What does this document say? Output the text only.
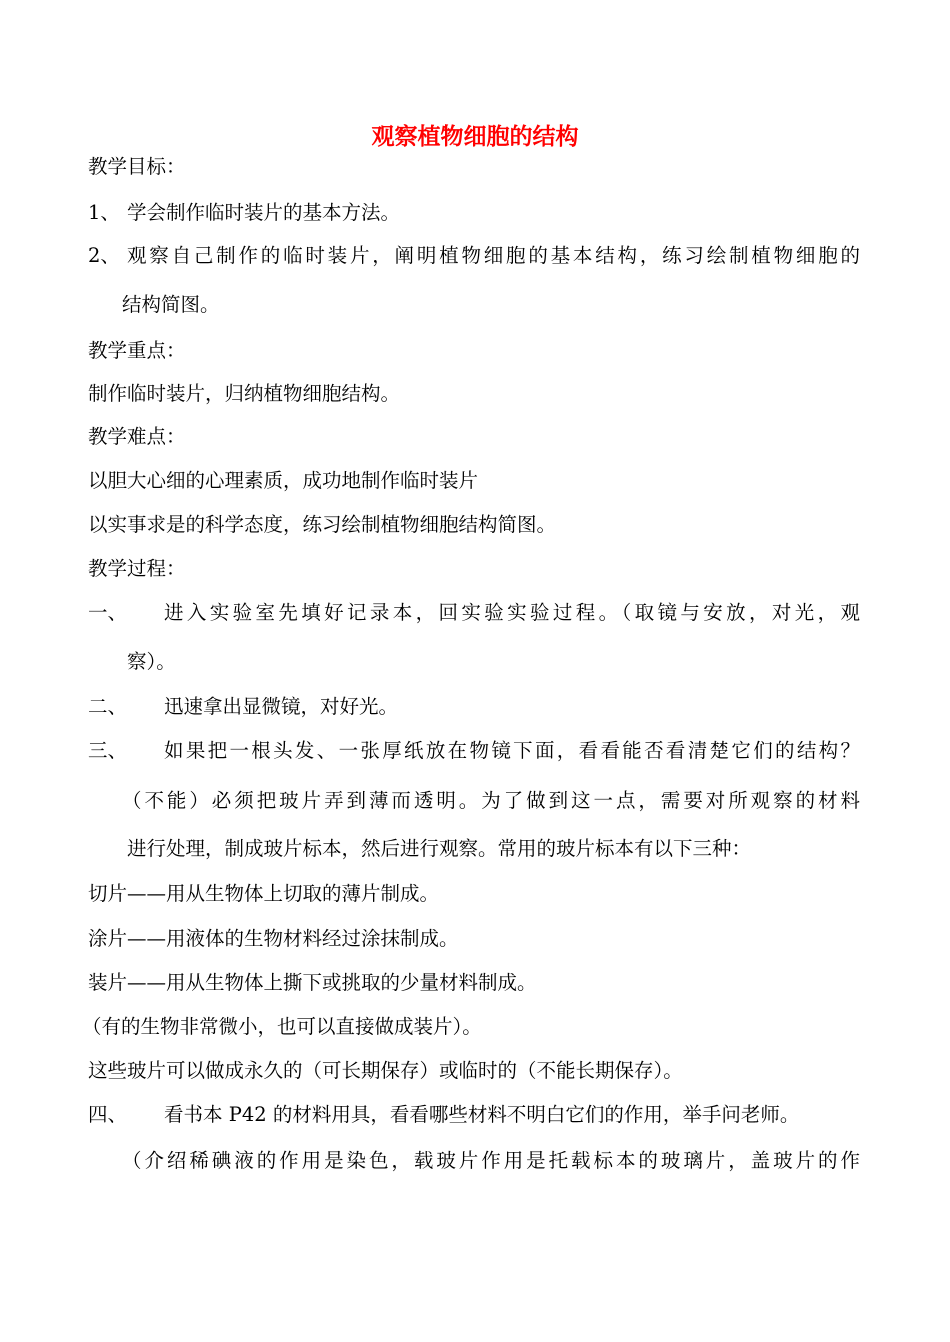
观察植物细胞的结构
教学目标：
1、 学会制作临时装片的基本方法。
2、 观察自己制作的临时装片，阐明植物细胞的基本结构，练习绘制植物细胞的
结构简图。
教学重点：
制作临时装片，归纳植物细胞结构。
教学难点：
以胆大心细的心理素质，成功地制作临时装片
以实事求是的科学态度，练习绘制植物细胞结构简图。
教学过程：
一、 进入实验室先填好记录本，回实验实验过程。（取镜与安放，对光，观
察）。
二、 迅速拿出显微镜，对好光。
三、 如果把一根头发、一张厚纸放在物镜下面，看看能否看清楚它们的结构？
（不能）必须把玻片弄到薄而透明。为了做到这一点，需要对所观察的材料
进行处理，制成玻片标本，然后进行观察。常用的玻片标本有以下三种：
切片——用从生物体上切取的薄片制成。
涂片——用液体的生物材料经过涂抹制成。
装片——用从生物体上撕下或挑取的少量材料制成。
（有的生物非常微小，也可以直接做成装片）。
这些玻片可以做成永久的（可长期保存）或临时的（不能长期保存）。
四、 看书本 P42 的材料用具，看看哪些材料不明白它们的作用，举手问老师。
（介绍稀碘液的作用是染色，载玻片作用是托载标本的玻璃片，盖玻片的作
